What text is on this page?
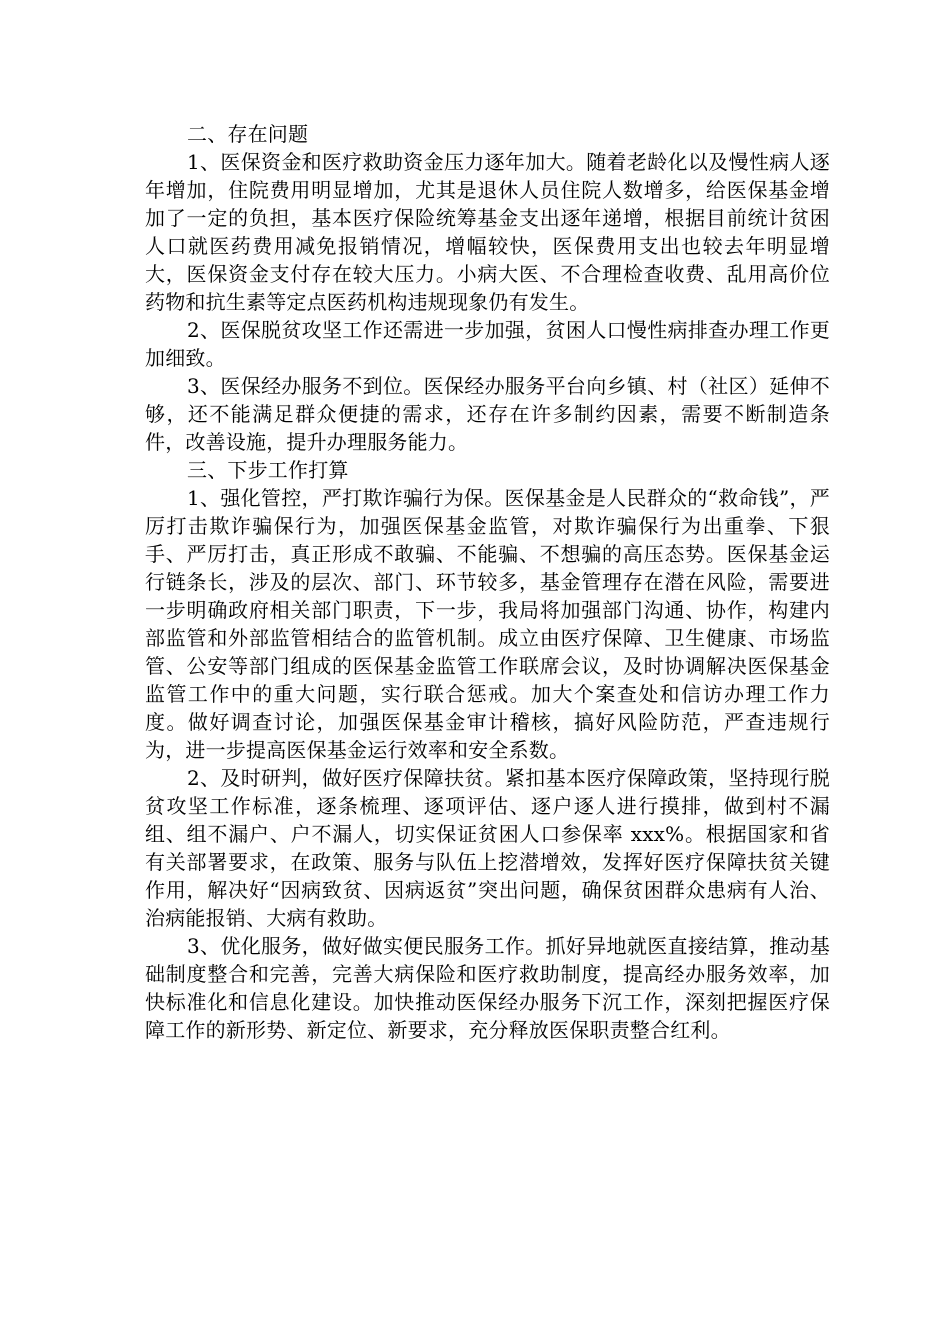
二、存在问题

1、医保资金和医疗救助资金压力逐年加大。随着老龄化以及慢性病人逐年增加，住院费用明显增加，尤其是退休人员住院人数增多，给医保基金增加了一定的负担，基本医疗保险统筹基金支出逐年递增，根据目前统计贫困人口就医药费用减免报销情况，增幅较快，医保费用支出也较去年明显增大，医保资金支付存在较大压力。小病大医、不合理检查收费、乱用高价位药物和抗生素等定点医药机构违规现象仍有发生。

2、医保脱贫攻坚工作还需进一步加强，贫困人口慢性病排查办理工作更加细致。

3、医保经办服务不到位。医保经办服务平台向乡镇、村（社区）延伸不够，还不能满足群众便捷的需求，还存在许多制约因素，需要不断制造条件，改善设施，提升办理服务能力。

三、下步工作打算

1、强化管控，严打欺诈骗行为保。医保基金是人民群众的“救命钱”，严厉打击欺诈骗保行为，加强医保基金监管，对欺诈骗保行为出重拳、下狠手、严厉打击，真正形成不敢骗、不能骗、不想骗的高压态势。医保基金运行链条长，涉及的层次、部门、环节较多，基金管理存在潜在风险，需要进一步明确政府相关部门职责，下一步，我局将加强部门沟通、协作，构建内部监管和外部监管相结合的监管机制。成立由医疗保障、卫生健康、市场监管、公安等部门组成的医保基金监管工作联席会议，及时协调解决医保基金监管工作中的重大问题，实行联合惩戒。加大个案查处和信访办理工作力度。做好调查讨论，加强医保基金审计稽核，搞好风险防范，严查违规行为，进一步提高医保基金运行效率和安全系数。

2、及时研判，做好医疗保障扶贫。紧扣基本医疗保障政策，坚持现行脱贫攻坚工作标准，逐条梳理、逐项评估、逐户逐人进行摸排，做到村不漏组、组不漏户、户不漏人，切实保证贫困人口参保率 xxx%。根据国家和省有关部署要求，在政策、服务与队伍上挖潜增效，发挥好医疗保障扶贫关键作用，解决好“因病致贫、因病返贫”突出问题，确保贫困群众患病有人治、治病能报销、大病有救助。

3、优化服务，做好做实便民服务工作。抓好异地就医直接结算，推动基础制度整合和完善，完善大病保险和医疗救助制度，提高经办服务效率，加快标准化和信息化建设。加快推动医保经办服务下沉工作，深刻把握医疗保障工作的新形势、新定位、新要求，充分释放医保职责整合红利。
